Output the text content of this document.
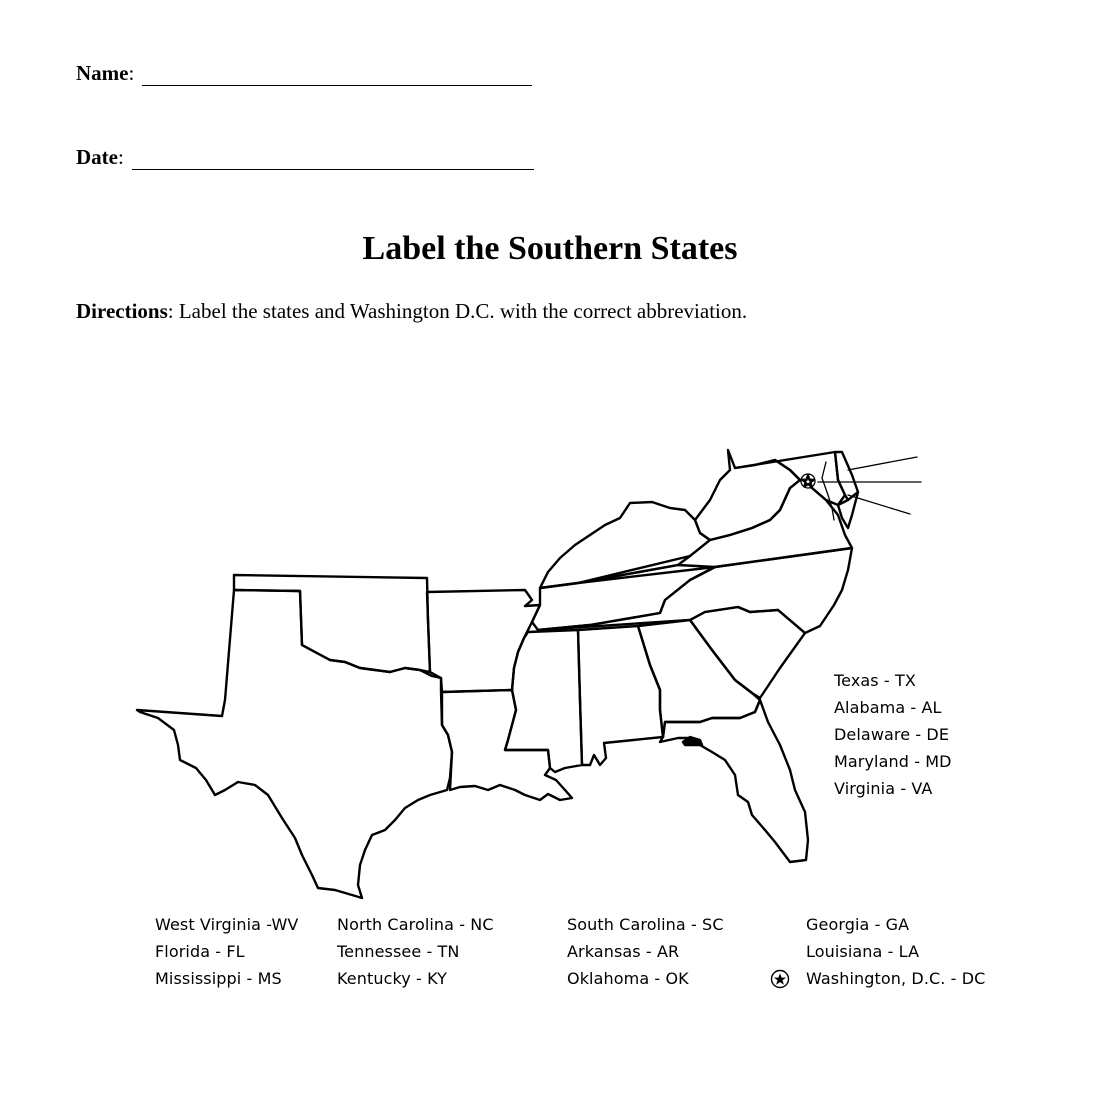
Name :
Date :
Label the Southern States
Directions: Label the states and Washington D.C. with the correct abbreviation.
Texas - TX
Alabama - AL
Delaware - DE
Maryland - MD
Virginia - VA
West Virginia -WV
Florida - FL
Mississippi - MS
North Carolina - NC
Tennessee - TN
Kentucky - KY
South Carolina - SC
Arkansas - AR
Oklahoma - OK
Georgia - GA
Louisiana - LA
Washington, D.C. - DC
